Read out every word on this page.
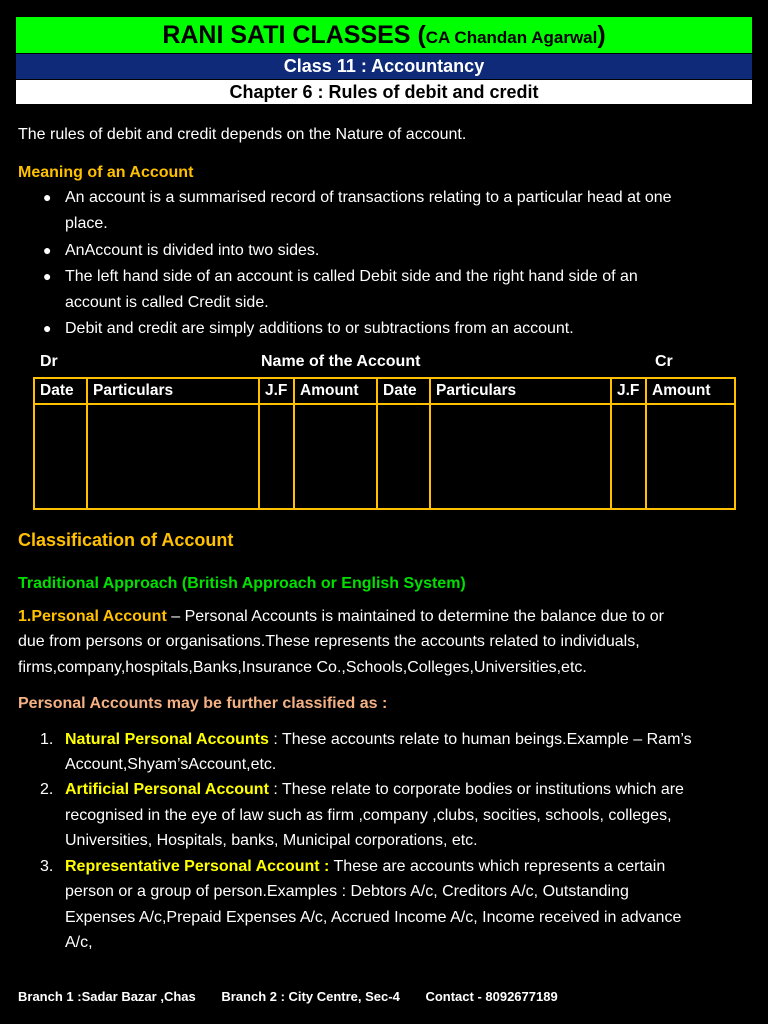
RANI SATI CLASSES (CA Chandan Agarwal)
Class 11 : Accountancy
Chapter 6 : Rules of debit and credit
The rules of debit and credit depends on the Nature of account.
Meaning of an Account
● An account is a summarised record of transactions relating to a particular head at one
place.
● AnAccount is divided into two sides.
● The left hand side of an account is called Debit side and the right hand side of an
account is called Credit side.
● Debit and credit are simply additions to or subtractions from an account.
Dr	Name of the Account	Cr
Date	Particulars	J.F	Amount	Date	Particulars	J.F	Amount

Classification of Account
Traditional Approach (British Approach or English System)
1.Personal Account – Personal Accounts is maintained to determine the balance due to or
due from persons or organisations.These represents the accounts related to individuals,
firms,company,hospitals,Banks,Insurance Co.,Schools,Colleges,Universities,etc.
Personal Accounts may be further classified as :
1. Natural Personal Accounts : These accounts relate to human beings.Example – Ram’s
Account,Shyam’sAccount,etc.
2. Artificial Personal Account : These relate to corporate bodies or institutions which are
recognised in the eye of law such as firm ,company ,clubs, socities, schools, colleges,
Universities, Hospitals, banks, Municipal corporations, etc.
3. Representative Personal Account : These are accounts which represents a certain
person or a group of person.Examples : Debtors A/c, Creditors A/c, Outstanding
Expenses A/c,Prepaid Expenses A/c, Accrued Income A/c, Income received in advance
A/c,
Branch 1 :Sadar Bazar ,Chas Branch 2 : City Centre, Sec-4 Contact - 8092677189
